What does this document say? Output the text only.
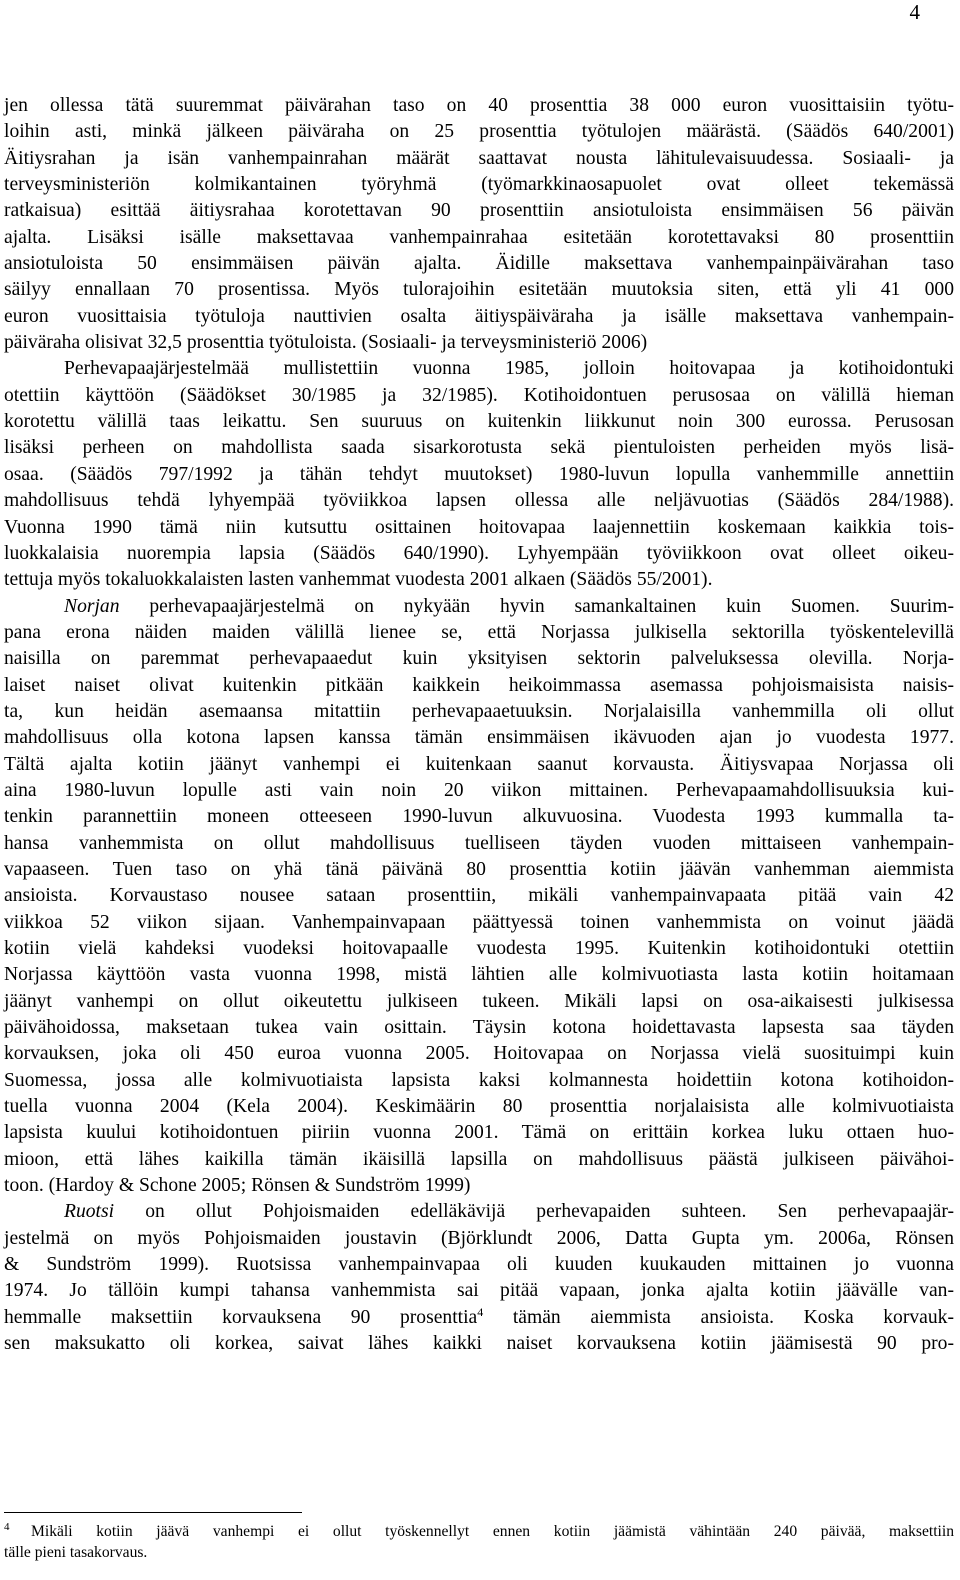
4
jen ollessa tätä suuremmat päivärahan taso on 40 prosenttia 38 000 euron vuosittaisiin työtu-
loihin asti, minkä jälkeen päiväraha on 25 prosenttia työtulojen määrästä. (Säädös 640/2001)
Äitiysrahan ja isän vanhempainrahan määrät saattavat nousta lähitulevaisuudessa. Sosiaali- ja
terveysministeriön kolmikantainen työryhmä (työmarkkinaosapuolet ovat olleet tekemässä
ratkaisua) esittää äitiysrahaa korotettavan 90 prosenttiin ansiotuloista ensimmäisen 56 päivän
ajalta. Lisäksi isälle maksettavaa vanhempainrahaa esitetään korotettavaksi 80 prosenttiin
ansiotuloista 50 ensimmäisen päivän ajalta. Äidille maksettava vanhempainpäivärahan taso
säilyy ennallaan 70 prosentissa. Myös tulorajoihin esitetään muutoksia siten, että yli 41 000
euron vuosittaisia työtuloja nauttivien osalta äitiyspäiväraha ja isälle maksettava vanhempain-
päiväraha olisivat 32,5 prosenttia työtuloista. (Sosiaali- ja terveysministeriö 2006)
Perhevapaajärjestelmää mullistettiin vuonna 1985, jolloin hoitovapaa ja kotihoidontuki
otettiin käyttöön (Säädökset 30/1985 ja 32/1985). Kotihoidontuen perusosaa on välillä hieman
korotettu välillä taas leikattu. Sen suuruus on kuitenkin liikkunut noin 300 eurossa. Perusosan
lisäksi perheen on mahdollista saada sisarkorotusta sekä pientuloisten perheiden myös lisä-
osaa. (Säädös 797/1992 ja tähän tehdyt muutokset) 1980-luvun lopulla vanhemmille annettiin
mahdollisuus tehdä lyhyempää työviikkoa lapsen ollessa alle neljävuotias (Säädös 284/1988).
Vuonna 1990 tämä niin kutsuttu osittainen hoitovapaa laajennettiin koskemaan kaikkia tois-
luokkalaisia nuorempia lapsia (Säädös 640/1990). Lyhyempään työviikkoon ovat olleet oikeu-
tettuja myös tokaluokkalaisten lasten vanhemmat vuodesta 2001 alkaen (Säädös 55/2001).
Norjan perhevapaajärjestelmä on nykyään hyvin samankaltainen kuin Suomen. Suurim-
pana erona näiden maiden välillä lienee se, että Norjassa julkisella sektorilla työskentelevillä
naisilla on paremmat perhevapaaedut kuin yksityisen sektorin palveluksessa olevilla. Norja-
laiset naiset olivat kuitenkin pitkään kaikkein heikoimmassa asemassa pohjoismaisista naisis-
ta, kun heidän asemaansa mitattiin perhevapaaetuuksin. Norjalaisilla vanhemmilla oli ollut
mahdollisuus olla kotona lapsen kanssa tämän ensimmäisen ikävuoden ajan jo vuodesta 1977.
Tältä ajalta kotiin jäänyt vanhempi ei kuitenkaan saanut korvausta. Äitiysvapaa Norjassa oli
aina 1980-luvun lopulle asti vain noin 20 viikon mittainen. Perhevapaamahdollisuuksia kui-
tenkin parannettiin moneen otteeseen 1990-luvun alkuvuosina. Vuodesta 1993 kummalla ta-
hansa vanhemmista on ollut mahdollisuus tuelliseen täyden vuoden mittaiseen vanhempain-
vapaaseen. Tuen taso on yhä tänä päivänä 80 prosenttia kotiin jäävän vanhemman aiemmista
ansioista. Korvaustaso nousee sataan prosenttiin, mikäli vanhempainvapaata pitää vain 42
viikkoa 52 viikon sijaan. Vanhempainvapaan päättyessä toinen vanhemmista on voinut jäädä
kotiin vielä kahdeksi vuodeksi hoitovapaalle vuodesta 1995. Kuitenkin kotihoidontuki otettiin
Norjassa käyttöön vasta vuonna 1998, mistä lähtien alle kolmivuotiasta lasta kotiin hoitamaan
jäänyt vanhempi on ollut oikeutettu julkiseen tukeen. Mikäli lapsi on osa-aikaisesti julkisessa
päivähoidossa, maksetaan tukea vain osittain. Täysin kotona hoidettavasta lapsesta saa täyden
korvauksen, joka oli 450 euroa vuonna 2005. Hoitovapaa on Norjassa vielä suosituimpi kuin
Suomessa, jossa alle kolmivuotiaista lapsista kaksi kolmannesta hoidettiin kotona kotihoidon-
tuella vuonna 2004 (Kela 2004). Keskimäärin 80 prosenttia norjalaisista alle kolmivuotiaista
lapsista kuului kotihoidontuen piiriin vuonna 2001. Tämä on erittäin korkea luku ottaen huo-
mioon, että lähes kaikilla tämän ikäisillä lapsilla on mahdollisuus päästä julkiseen päivähoi-
toon. (Hardoy & Schone 2005; Rönsen & Sundström 1999)
Ruotsi on ollut Pohjoismaiden edelläkävijä perhevapaiden suhteen. Sen perhevapaajär-
jestelmä on myös Pohjoismaiden joustavin (Björklundt 2006, Datta Gupta ym. 2006a, Rönsen
& Sundström 1999). Ruotsissa vanhempainvapaa oli kuuden kuukauden mittainen jo vuonna
1974. Jo tällöin kumpi tahansa vanhemmista sai pitää vapaan, jonka ajalta kotiin jäävälle van-
hemmalle maksettiin korvauksena 90 prosenttia$^4$ tämän aiemmista ansioista. Koska korvauk-
sen maksukatto oli korkea, saivat lähes kaikki naiset korvauksena kotiin jäämisestä 90 pro-
4 Mikäli kotiin jäävä vanhempi ei ollut työskennellyt ennen kotiin jäämistä vähintään 240 päivää, maksettiin
tälle pieni tasakorvaus.
